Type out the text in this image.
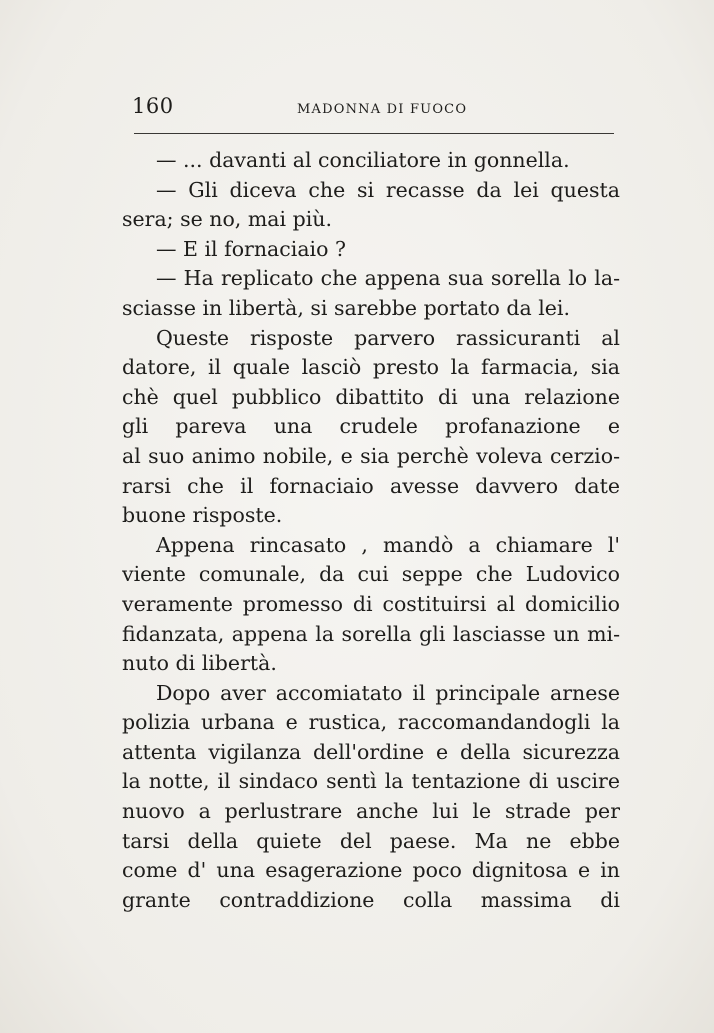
160	MADONNA DI FUOCO
— ... davanti al conciliatore in gonnella.
— Gli diceva che si recasse da lei questa
sera; se no, mai più.
— E il fornaciaio ?
— Ha replicato che appena sua sorella lo la-
sciasse in libertà, si sarebbe portato da lei.
Queste risposte parvero rassicuranti al
datore, il quale lasciò presto la farmacia, sia
chè quel pubblico dibattito di una relazione
gli pareva una crudele profanazione e
al suo animo nobile, e sia perchè voleva cerzio-
rarsi che il fornaciaio avesse davvero date
buone risposte.
Appena rincasato , mandò a chiamare l'
viente comunale, da cui seppe che Ludovico
veramente promesso di costituirsi al domicilio
fidanzata, appena la sorella gli lasciasse un mi-
nuto di libertà.
Dopo aver accomiatato il principale arnese
polizia urbana e rustica, raccomandandogli la
attenta vigilanza dell'ordine e della sicurezza
la notte, il sindaco sentì la tentazione di uscire
nuovo a perlustrare anche lui le strade per
tarsi della quiete del paese. Ma ne ebbe
come d' una esagerazione poco dignitosa e in
grante contraddizione colla massima di
